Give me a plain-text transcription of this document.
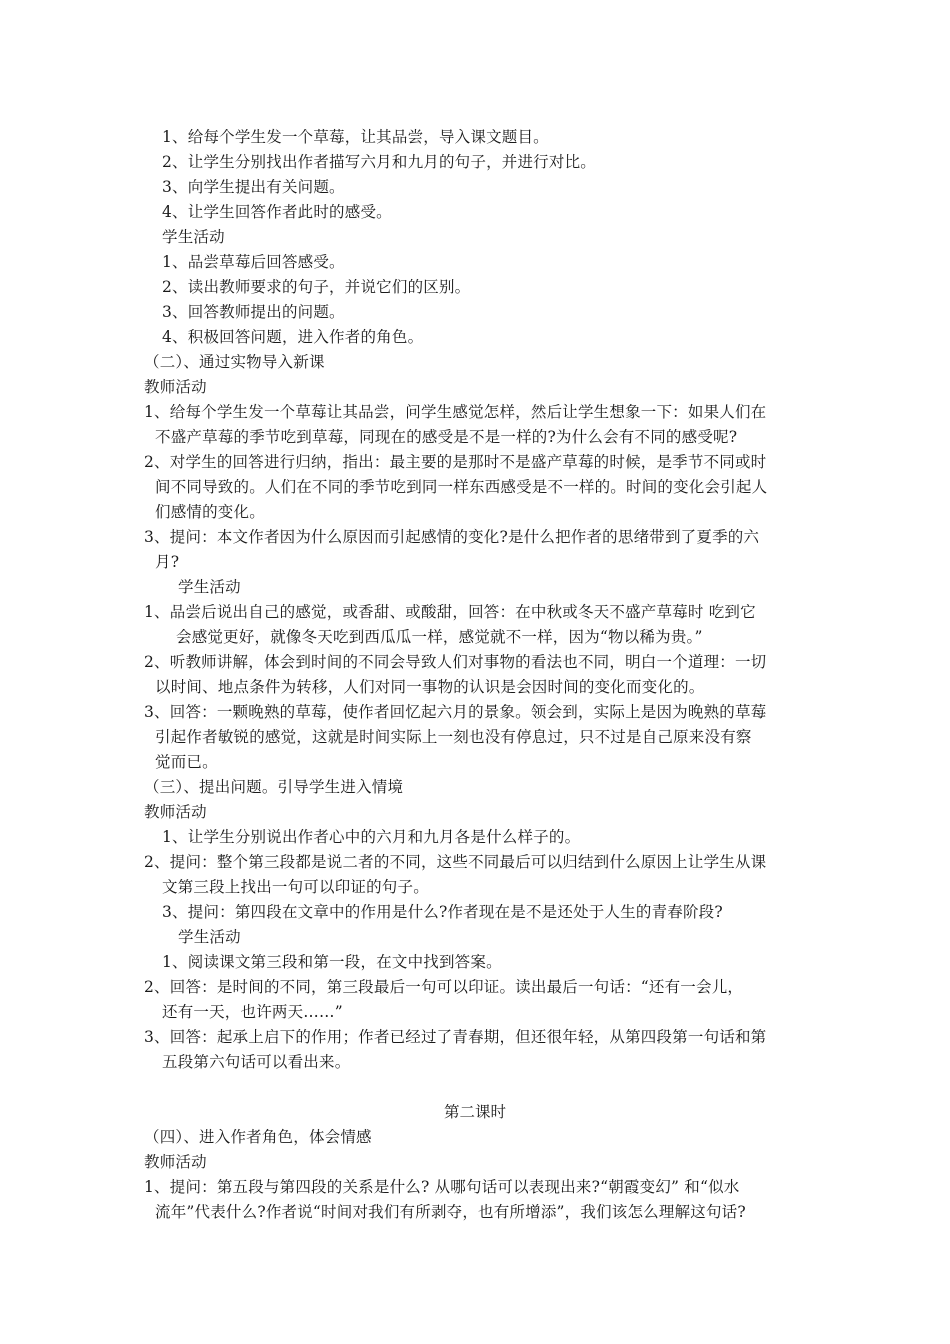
1、给每个学生发一个草莓，让其品尝，导入课文题目。
2、让学生分别找出作者描写六月和九月的句子，并进行对比。
3、向学生提出有关问题。
4、让学生回答作者此时的感受。
学生活动
1、品尝草莓后回答感受。
2、读出教师要求的句子，并说它们的区别。
3、回答教师提出的问题。
4、积极回答问题，进入作者的角色。
（二）、通过实物导入新课
教师活动
1、给每个学生发一个草莓让其品尝，问学生感觉怎样，然后让学生想象一下：如果人们在
不盛产草莓的季节吃到草莓，同现在的感受是不是一样的?为什么会有不同的感受呢?
2、对学生的回答进行归纳，指出：最主要的是那时不是盛产草莓的时候，是季节不同或时
间不同导致的。人们在不同的季节吃到同一样东西感受是不一样的。时间的变化会引起人
们感情的变化。
3、提问：本文作者因为什么原因而引起感情的变化?是什么把作者的思绪带到了夏季的六
月?
学生活动
1、品尝后说出自己的感觉，或香甜、或酸甜，回答：在中秋或冬天不盛产草莓时 吃到它
会感觉更好，就像冬天吃到西瓜瓜一样，感觉就不一样，因为“物以稀为贵。”
2、听教师讲解，体会到时间的不同会导致人们对事物的看法也不同，明白一个道理：一切
以时间、地点条件为转移，人们对同一事物的认识是会因时间的变化而变化的。
3、回答：一颗晚熟的草莓，使作者回忆起六月的景象。领会到，实际上是因为晚熟的草莓
引起作者敏锐的感觉，这就是时间实际上一刻也没有停息过，只不过是自己原来没有察
觉而已。
（三）、提出问题。引导学生进入情境
教师活动
1、让学生分别说出作者心中的六月和九月各是什么样子的。
2、提问：整个第三段都是说二者的不同，这些不同最后可以归结到什么原因上让学生从课
文第三段上找出一句可以印证的句子。
3、提问：第四段在文章中的作用是什么?作者现在是不是还处于人生的青春阶段?
学生活动
1、阅读课文第三段和第一段，在文中找到答案。
2、回答：是时间的不同，第三段最后一句可以印证。读出最后一句话：“还有一会儿，
还有一天，也许两天……”
3、回答：起承上启下的作用；作者已经过了青春期，但还很年轻，从第四段第一句话和第
五段第六句话可以看出来。
第二课时
（四）、进入作者角色，体会情感
教师活动
1、提问：第五段与第四段的关系是什么? 从哪句话可以表现出来?“朝霞变幻” 和“似水
流年”代表什么?作者说“时间对我们有所剥夺，也有所增添”，我们该怎么理解这句话?
